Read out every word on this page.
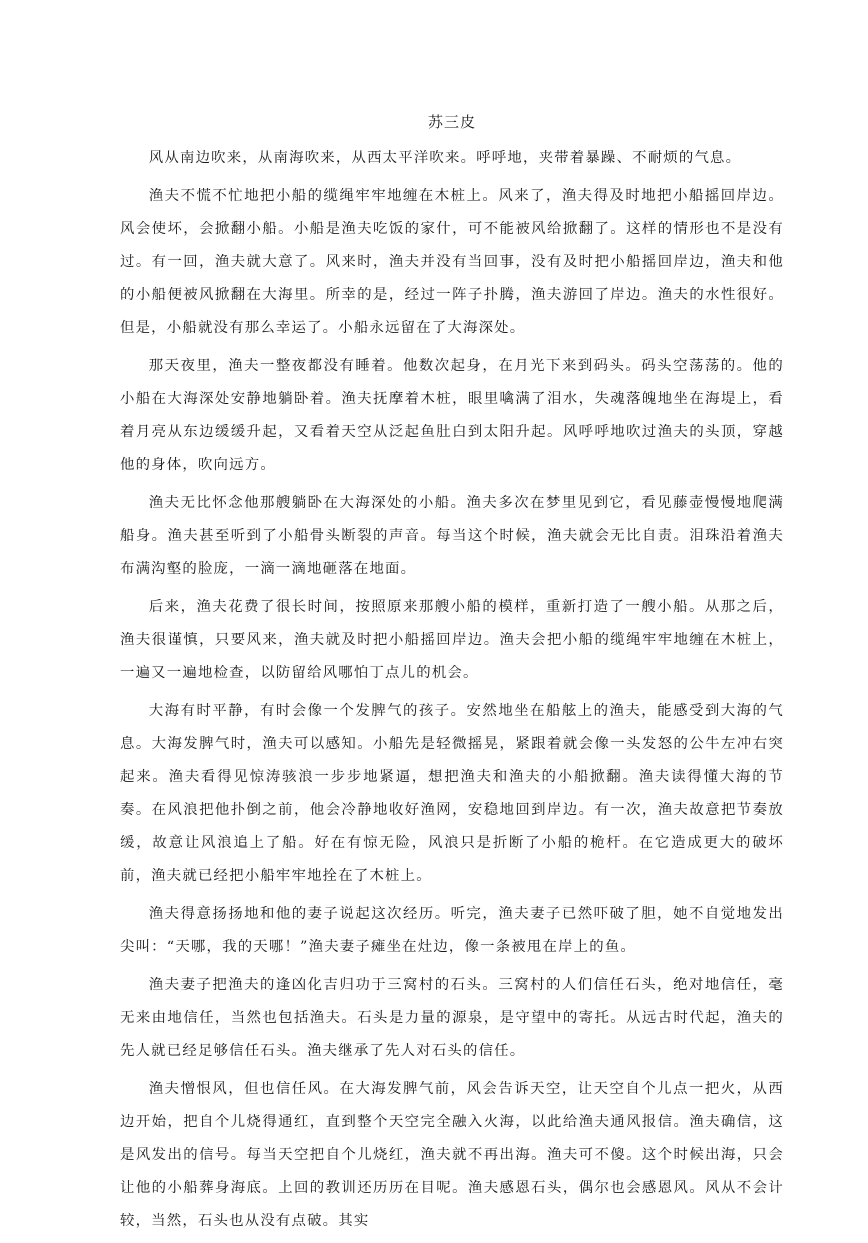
苏三皮

风从南边吹来，从南海吹来，从西太平洋吹来。呼呼地，夹带着暴躁、不耐烦的气息。

渔夫不慌不忙地把小船的缆绳牢牢地缠在木桩上。风来了，渔夫得及时地把小船摇回岸边。风会使坏，会掀翻小船。小船是渔夫吃饭的家什，可不能被风给掀翻了。这样的情形也不是没有过。有一回，渔夫就大意了。风来时，渔夫并没有当回事，没有及时把小船摇回岸边，渔夫和他的小船便被风掀翻在大海里。所幸的是，经过一阵子扑腾，渔夫游回了岸边。渔夫的水性很好。但是，小船就没有那么幸运了。小船永远留在了大海深处。

那天夜里，渔夫一整夜都没有睡着。他数次起身，在月光下来到码头。码头空荡荡的。他的小船在大海深处安静地躺卧着。渔夫抚摩着木桩，眼里噙满了泪水，失魂落魄地坐在海堤上，看着月亮从东边缓缓升起，又看着天空从泛起鱼肚白到太阳升起。风呼呼地吹过渔夫的头顶，穿越他的身体，吹向远方。

渔夫无比怀念他那艘躺卧在大海深处的小船。渔夫多次在梦里见到它，看见藤壶慢慢地爬满船身。渔夫甚至听到了小船骨头断裂的声音。每当这个时候，渔夫就会无比自责。泪珠沿着渔夫布满沟壑的脸庞，一滴一滴地砸落在地面。

后来，渔夫花费了很长时间，按照原来那艘小船的模样，重新打造了一艘小船。从那之后，渔夫很谨慎，只要风来，渔夫就及时把小船摇回岸边。渔夫会把小船的缆绳牢牢地缠在木桩上，一遍又一遍地检查，以防留给风哪怕丁点儿的机会。

大海有时平静，有时会像一个发脾气的孩子。安然地坐在船舷上的渔夫，能感受到大海的气息。大海发脾气时，渔夫可以感知。小船先是轻微摇晃，紧跟着就会像一头发怒的公牛左冲右突起来。渔夫看得见惊涛骇浪一步步地紧逼，想把渔夫和渔夫的小船掀翻。渔夫读得懂大海的节奏。在风浪把他扑倒之前，他会冷静地收好渔网，安稳地回到岸边。有一次，渔夫故意把节奏放缓，故意让风浪追上了船。好在有惊无险，风浪只是折断了小船的桅杆。在它造成更大的破坏前，渔夫就已经把小船牢牢地拴在了木桩上。

渔夫得意扬扬地和他的妻子说起这次经历。听完，渔夫妻子已然吓破了胆，她不自觉地发出尖叫：“天哪，我的天哪！”渔夫妻子瘫坐在灶边，像一条被甩在岸上的鱼。

渔夫妻子把渔夫的逢凶化吉归功于三窝村的石头。三窝村的人们信任石头，绝对地信任，毫无来由地信任，当然也包括渔夫。石头是力量的源泉，是守望中的寄托。从远古时代起，渔夫的先人就已经足够信任石头。渔夫继承了先人对石头的信任。

渔夫憎恨风，但也信任风。在大海发脾气前，风会告诉天空，让天空自个儿点一把火，从西边开始，把自个儿烧得通红，直到整个天空完全融入火海，以此给渔夫通风报信。渔夫确信，这是风发出的信号。每当天空把自个儿烧红，渔夫就不再出海。渔夫可不傻。这个时候出海，只会让他的小船葬身海底。上回的教训还历历在目呢。渔夫感恩石头，偶尔也会感恩风。风从不会计较，当然，石头也从没有点破。其实
